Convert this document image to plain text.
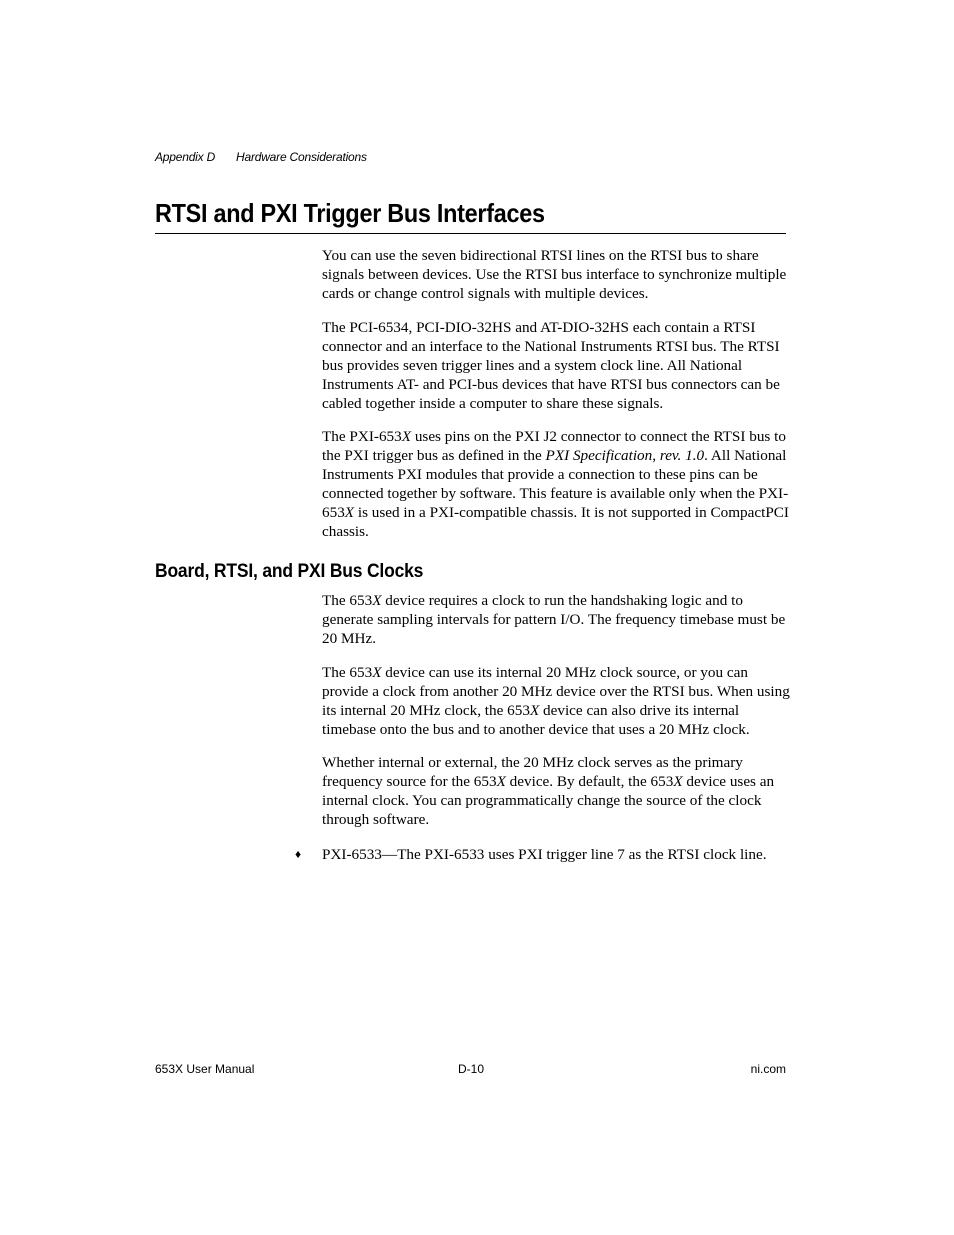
Appendix D Hardware Considerations
RTSI and PXI Trigger Bus Interfaces

You can use the seven bidirectional RTSI lines on the RTSI bus to share signals between devices. Use the RTSI bus interface to synchronize multiple cards or change control signals with multiple devices.

The PCI-6534, PCI-DIO-32HS and AT-DIO-32HS each contain a RTSI connector and an interface to the National Instruments RTSI bus. The RTSI bus provides seven trigger lines and a system clock line. All National Instruments AT- and PCI-bus devices that have RTSI bus connectors can be cabled together inside a computer to share these signals.

The PXI-653X uses pins on the PXI J2 connector to connect the RTSI bus to the PXI trigger bus as defined in the PXI Specification, rev. 1.0. All National Instruments PXI modules that provide a connection to these pins can be connected together by software. This feature is available only when the PXI-653X is used in a PXI-compatible chassis. It is not supported in CompactPCI chassis.

Board, RTSI, and PXI Bus Clocks

The 653X device requires a clock to run the handshaking logic and to generate sampling intervals for pattern I/O. The frequency timebase must be 20 MHz.

The 653X device can use its internal 20 MHz clock source, or you can provide a clock from another 20 MHz device over the RTSI bus. When using its internal 20 MHz clock, the 653X device can also drive its internal timebase onto the bus and to another device that uses a 20 MHz clock.

Whether internal or external, the 20 MHz clock serves as the primary frequency source for the 653X device. By default, the 653X device uses an internal clock. You can programmatically change the source of the clock through software.

♦ PXI-6533—The PXI-6533 uses PXI trigger line 7 as the RTSI clock line.
653X User Manual	D-10	ni.com
